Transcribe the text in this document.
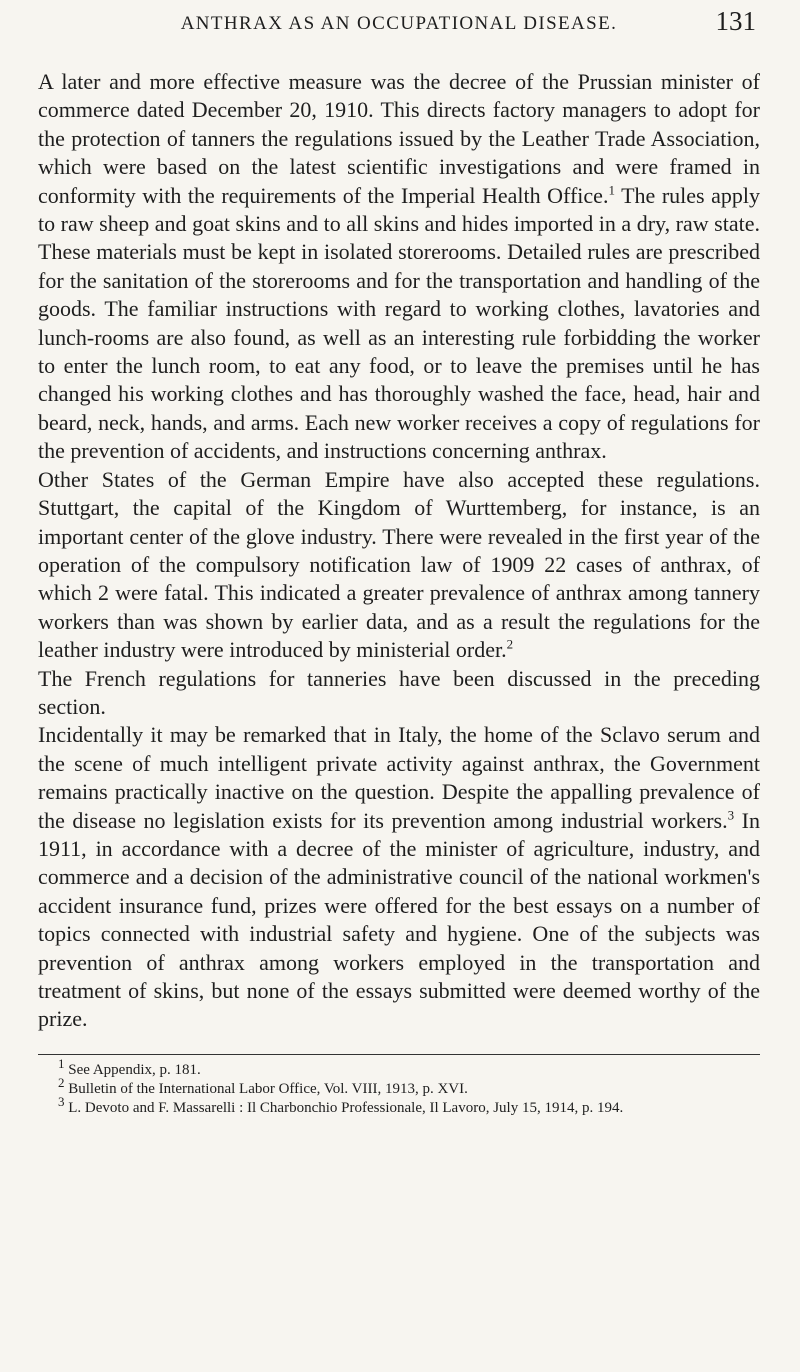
ANTHRAX AS AN OCCUPATIONAL DISEASE.	131

A later and more effective measure was the decree of the Prussian minister of commerce dated December 20, 1910. This directs factory managers to adopt for the protection of tanners the regulations issued by the Leather Trade Association, which were based on the latest scientific investigations and were framed in conformity with the requirements of the Imperial Health Office.$^1$ The rules apply to raw sheep and goat skins and to all skins and hides imported in a dry, raw state. These materials must be kept in isolated storerooms. Detailed rules are prescribed for the sanitation of the storerooms and for the transportation and handling of the goods. The familiar instructions with regard to working clothes, lavatories and lunch-rooms are also found, as well as an interesting rule forbidding the worker to enter the lunch room, to eat any food, or to leave the premises until he has changed his working clothes and has thoroughly washed the face, head, hair and beard, neck, hands, and arms. Each new worker receives a copy of regulations for the prevention of accidents, and instructions concerning anthrax.

Other States of the German Empire have also accepted these regulations. Stuttgart, the capital of the Kingdom of Wurttemberg, for instance, is an important center of the glove industry. There were revealed in the first year of the operation of the compulsory notification law of 1909 22 cases of anthrax, of which 2 were fatal. This indicated a greater prevalence of anthrax among tannery workers than was shown by earlier data, and as a result the regulations for the leather industry were introduced by ministerial order.$^2$

The French regulations for tanneries have been discussed in the preceding section.

Incidentally it may be remarked that in Italy, the home of the Sclavo serum and the scene of much intelligent private activity against anthrax, the Government remains practically inactive on the question. Despite the appalling prevalence of the disease no legislation exists for its prevention among industrial workers.$^3$ In 1911, in accordance with a decree of the minister of agriculture, industry, and commerce and a decision of the administrative council of the national workmen's accident insurance fund, prizes were offered for the best essays on a number of topics connected with industrial safety and hygiene. One of the subjects was prevention of anthrax among workers employed in the transportation and treatment of skins, but none of the essays submitted were deemed worthy of the prize.

$^1$ See Appendix, p. 181.

$^2$ Bulletin of the International Labor Office, Vol. VIII, 1913, p. XVI.

$^3$ L. Devoto and F. Massarelli : Il Charbonchio Professionale, Il Lavoro, July 15, 1914, p. 194.
